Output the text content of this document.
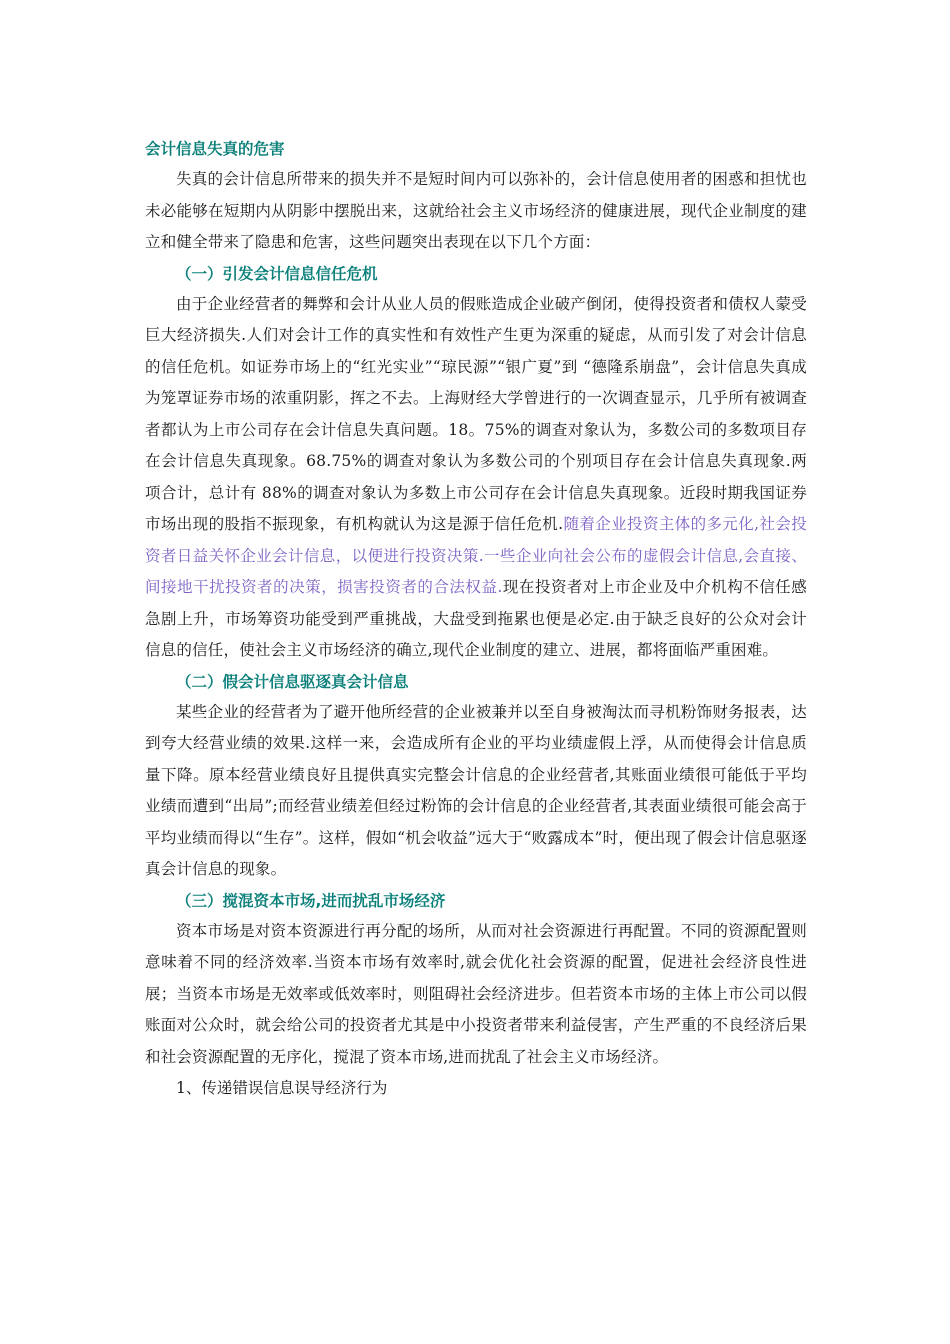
会计信息失真的危害

失真的会计信息所带来的损失并不是短时间内可以弥补的，会计信息使用者的困惑和担忧也未必能够在短期内从阴影中摆脱出来，这就给社会主义市场经济的健康进展，现代企业制度的建立和健全带来了隐患和危害，这些问题突出表现在以下几个方面：

（一）引发会计信息信任危机

由于企业经营者的舞弊和会计从业人员的假账造成企业破产倒闭，使得投资者和债权人蒙受巨大经济损失.人们对会计工作的真实性和有效性产生更为深重的疑虑，从而引发了对会计信息的信任危机。如证券市场上的“红光实业”“琼民源”“银广夏”到 “德隆系崩盘”，会计信息失真成为笼罩证券市场的浓重阴影，挥之不去。上海财经大学曾进行的一次调查显示，几乎所有被调查者都认为上市公司存在会计信息失真问题。18。75%的调查对象认为，多数公司的多数项目存在会计信息失真现象。68.75%的调查对象认为多数公司的个别项目存在会计信息失真现象.两项合计，总计有 88%的调查对象认为多数上市公司存在会计信息失真现象。近段时期我国证券市场出现的股指不振现象，有机构就认为这是源于信任危机.随着企业投资主体的多元化,社会投资者日益关怀企业会计信息，以便进行投资决策.一些企业向社会公布的虚假会计信息,会直接、间接地干扰投资者的决策，损害投资者的合法权益.现在投资者对上市企业及中介机构不信任感急剧上升，市场筹资功能受到严重挑战，大盘受到拖累也便是必定.由于缺乏良好的公众对会计信息的信任，使社会主义市场经济的确立,现代企业制度的建立、进展，都将面临严重困难。

（二）假会计信息驱逐真会计信息

某些企业的经营者为了避开他所经营的企业被兼并以至自身被淘汰而寻机粉饰财务报表，达到夸大经营业绩的效果.这样一来，会造成所有企业的平均业绩虚假上浮，从而使得会计信息质量下降。原本经营业绩良好且提供真实完整会计信息的企业经营者,其账面业绩很可能低于平均业绩而遭到“出局”;而经营业绩差但经过粉饰的会计信息的企业经营者,其表面业绩很可能会高于平均业绩而得以“生存”。这样，假如“机会收益”远大于“败露成本”时，便出现了假会计信息驱逐真会计信息的现象。

（三）搅混资本市场,进而扰乱市场经济

资本市场是对资本资源进行再分配的场所，从而对社会资源进行再配置。不同的资源配置则意味着不同的经济效率.当资本市场有效率时,就会优化社会资源的配置，促进社会经济良性进展；当资本市场是无效率或低效率时，则阻碍社会经济进步。但若资本市场的主体上市公司以假账面对公众时，就会给公司的投资者尤其是中小投资者带来利益侵害，产生严重的不良经济后果和社会资源配置的无序化，搅混了资本市场,进而扰乱了社会主义市场经济。

1、传递错误信息误导经济行为
